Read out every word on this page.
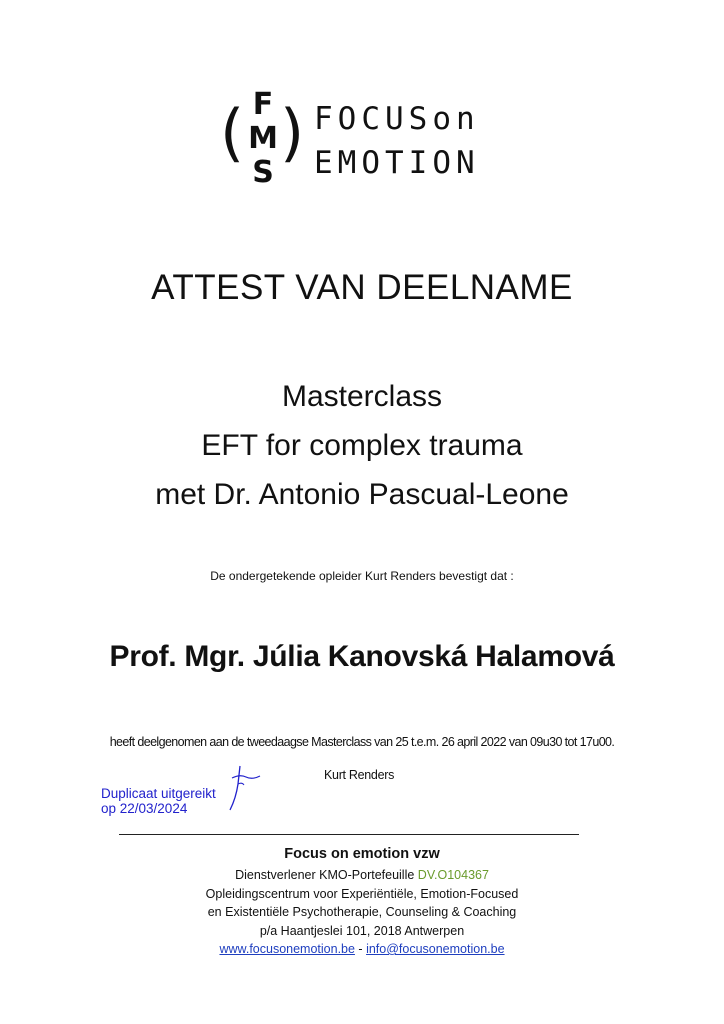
( F
M
S
) FOCUSon
EMOTION
ATTEST VAN DEELNAME
Masterclass
EFT for complex trauma
met Dr. Antonio Pascual-Leone
De ondergetekende opleider Kurt Renders bevestigt dat :
Prof. Mgr. Júlia Kanovská Halamová
heeft deelgenomen aan de tweedaagse Masterclass van 25 t.e.m. 26 april 2022 van 09u30 tot 17u00.
Kurt Renders
Duplicaat uitgereikt
op 22/03/2024
Focus on emotion vzw
Dienstverlener KMO-Portefeuille DV.O104367
Opleidingscentrum voor Experiëntiële, Emotion-Focused
en Existentiële Psychotherapie, Counseling & Coaching
p/a Haantjeslei 101, 2018 Antwerpen
www.focusonemotion.be - info@focusonemotion.be
